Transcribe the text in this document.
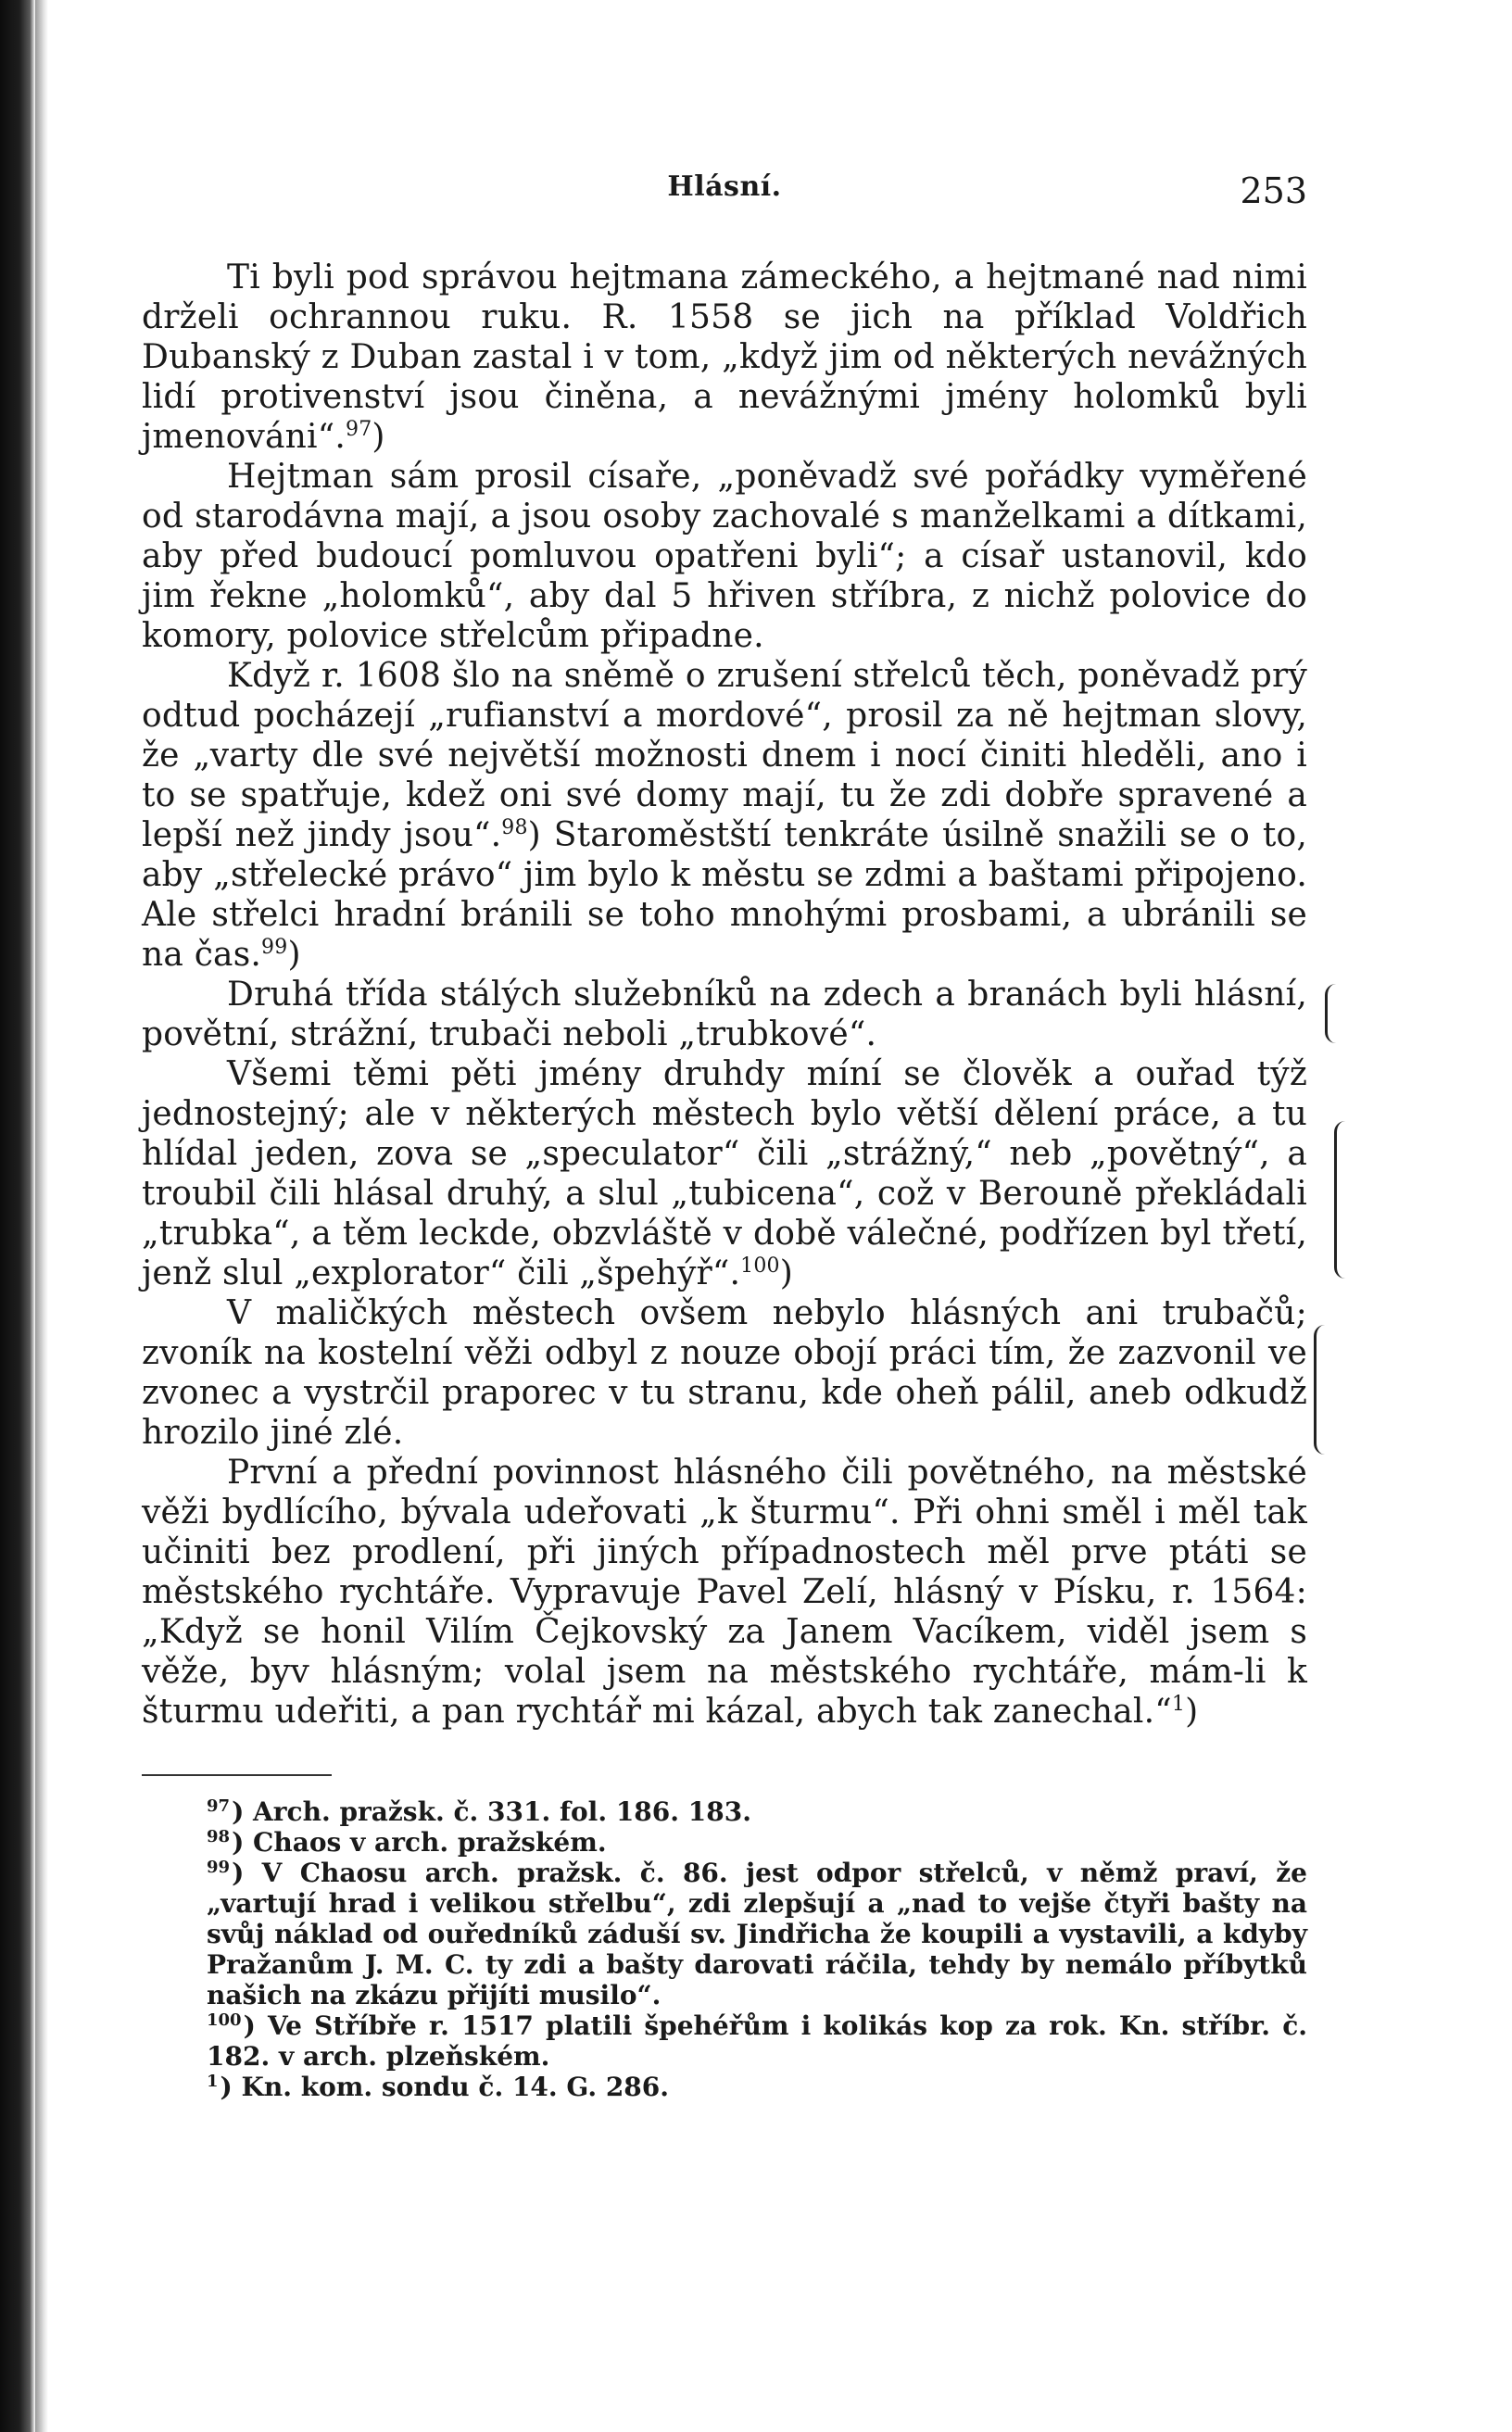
Hlásní.	253

Ti byli pod správou hejtmana zámeckého, a hejtmané nad nimi drželi ochrannou ruku. R. 1558 se jich na příklad Voldřich Dubanský z Duban zastal i v tom, „když jim od některých nevážných lidí protivenství jsou činěna, a nevážnými jmény holomků byli jmenováni“.$^{97}$)

Hejtman sám prosil císaře, „poněvadž své pořádky vyměřené od starodávna mají, a jsou osoby zachovalé s manželkami a dítkami, aby před budoucí pomluvou opatřeni byli“; a císař ustanovil, kdo jim řekne „holomků“, aby dal 5 hřiven stříbra, z nichž polovice do komory, polovice střelcům připadne.

Když r. 1608 šlo na sněmě o zrušení střelců těch, poněvadž prý odtud pocházejí „rufianství a mordové“, prosil za ně hejtman slovy, že „varty dle své největší možnosti dnem i nocí činiti hleděli, ano i to se spatřuje, kdež oni své domy mají, tu že zdi dobře spravené a lepší než jindy jsou“.$^{98}$) Staroměstští tenkráte úsilně snažili se o to, aby „střelecké právo“ jim bylo k městu se zdmi a baštami připojeno. Ale střelci hradní bránili se toho mnohými prosbami, a ubránili se na čas.$^{99}$)

Druhá třída stálých služebníků na zdech a branách byli hlásní, povětní, strážní, trubači neboli „trubkové“.

Všemi těmi pěti jmény druhdy míní se člověk a ouřad týž jednostejný; ale v některých městech bylo větší dělení práce, a tu hlídal jeden, zova se „speculator“ čili „strážný,“ neb „povětný“, a troubil čili hlásal druhý, a slul „tubicena“, což v Berouně překládali „trubka“, a těm leckde, obzvláště v době válečné, podřízen byl třetí, jenž slul „explorator“ čili „špehýř“.$^{100}$)

V maličkých městech ovšem nebylo hlásných ani trubačů; zvoník na kostelní věži odbyl z nouze obojí práci tím, že zazvonil ve zvonec a vystrčil praporec v tu stranu, kde oheň pálil, aneb odkudž hrozilo jiné zlé.

První a přední povinnost hlásného čili povětného, na městské věži bydlícího, bývala udeřovati „k šturmu“. Při ohni směl i měl tak učiniti bez prodlení, při jiných případnostech měl prve ptáti se městského rychtáře. Vypravuje Pavel Zelí, hlásný v Písku, r. 1564: „Když se honil Vilím Čejkovský za Janem Vacíkem, viděl jsem s věže, byv hlásným; volal jsem na městského rychtáře, mám-li k šturmu udeřiti, a pan rychtář mi kázal, abych tak zanechal.“$^1$)

$^{97}$) Arch. pražsk. č. 331. fol. 186. 183.

$^{98}$) Chaos v arch. pražském.

$^{99}$) V Chaosu arch. pražsk. č. 86. jest odpor střelců, v němž praví, že „vartují hrad i velikou střelbu“, zdi zlepšují a „nad to vejše čtyři bašty na svůj náklad od ouředníků záduší sv. Jindřicha že koupili a vystavili, a kdyby Pražanům J. M. C. ty zdi a bašty darovati ráčila, tehdy by nemálo příbytků našich na zkázu přijíti musilo“.

$^{100}$) Ve Stříbře r. 1517 platili špehéřům i kolikás kop za rok. Kn. stříbr. č. 182. v arch. plzeňském.

$^1$) Kn. kom. sondu č. 14. G. 286.
